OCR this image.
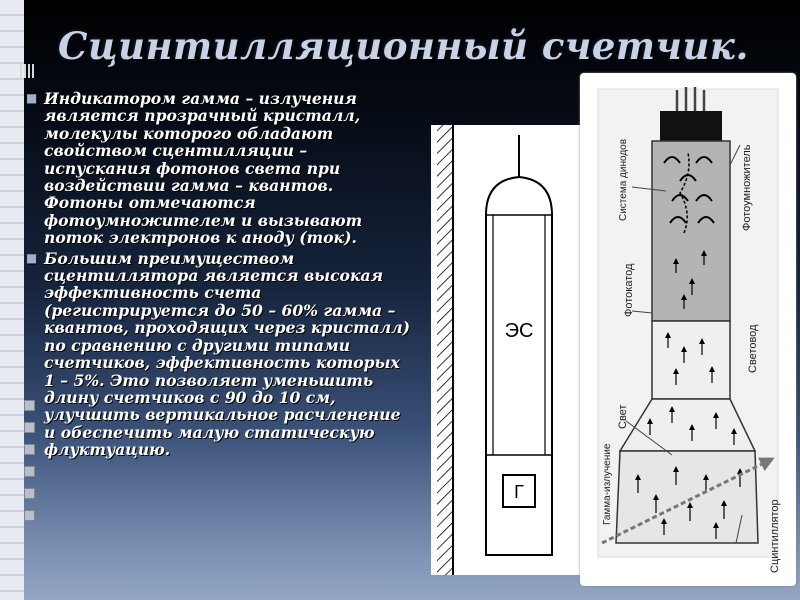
Сцинтилляционный счетчик.
■ Индикатором гамма – излучения является прозрачный кристалл, молекулы которого обладают свойством сцентилляции – испускания фотонов света при воздействии гамма – квантов. Фотоны отмечаются фотоумножителем и вызывают поток электронов к аноду (ток).
■ Большим преимуществом сцентиллятора является высокая эффективность счета (регистрируется до 50 – 60% гамма – квантов, проходящих через кристалл) по сравнению с другими типами счетчиков, эффективность которых 1 – 5%. Это позволяет уменьшить длину счетчиков с 90 до 10 см, улучшить вертикальное расчленение и обеспечить малую статическую флуктуацию.
ЭС
Г
Система динодов	Фотоумножитель
Фотокатод
Световод
Свет
Сцинтиллятор
Гамма-излучение
